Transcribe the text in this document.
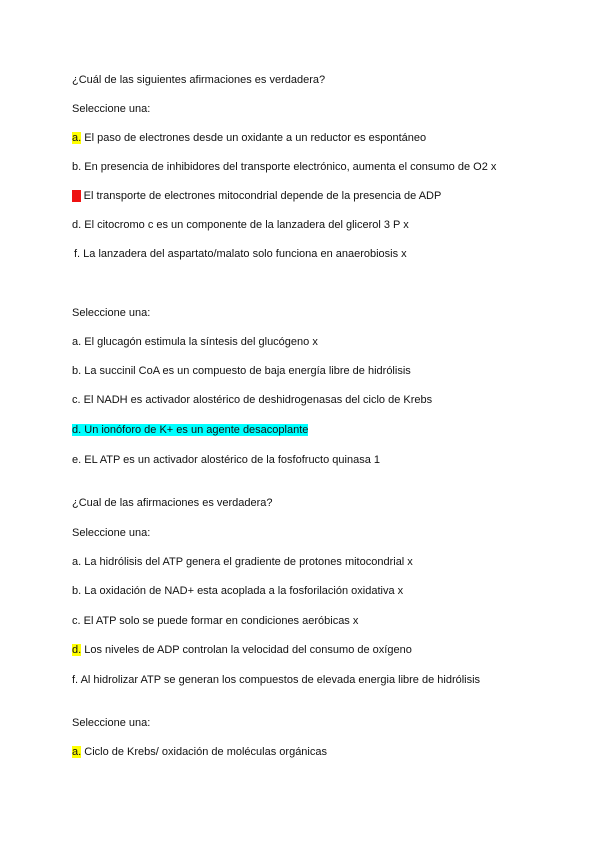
¿Cuál de las siguientes afirmaciones es verdadera?
Seleccione una:
a. El paso de electrones desde un oxidante a un reductor es espontáneo
b. En presencia de inhibidores del transporte electrónico, aumenta el consumo de O2 x
c. El transporte de electrones mitocondrial depende de la presencia de ADP
d. El citocromo c es un componente de la lanzadera del glicerol 3 P x
f. La lanzadera del aspartato/malato solo funciona en anaerobiosis x
Seleccione una:
a. El glucagón estimula la síntesis del glucógeno x
b. La succinil CoA es un compuesto de baja energía libre de hidrólisis
c. El NADH es activador alostérico de deshidrogenasas del ciclo de Krebs
d. Un ionóforo de K+ es un agente desacoplante
e. EL ATP es un activador alostérico de la fosfofructo quinasa 1
¿Cual de las afirmaciones es verdadera?
Seleccione una:
a. La hidrólisis del ATP genera el gradiente de protones mitocondrial x
b. La oxidación de NAD+ esta acoplada a la fosforilación oxidativa x
c. El ATP solo se puede formar en condiciones aeróbicas x
d. Los niveles de ADP controlan la velocidad del consumo de oxígeno
f. Al hidrolizar ATP se generan los compuestos de elevada energia libre de hidrólisis
Seleccione una:
a. Ciclo de Krebs/ oxidación de moléculas orgánicas
